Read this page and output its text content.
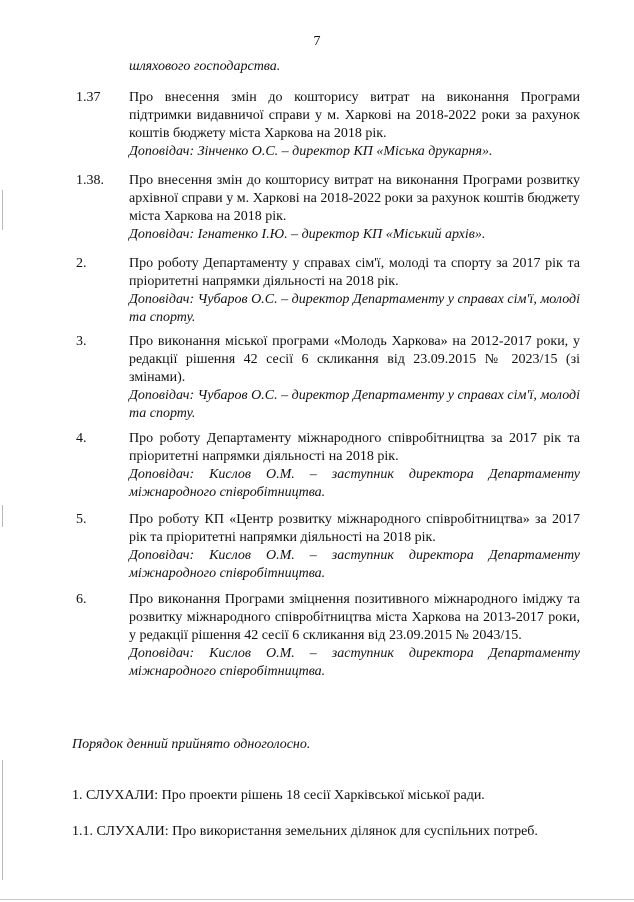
7
шляхового господарства.
1.37 Про внесення змін до кошторису витрат на виконання Програми підтримки видавничої справи у м. Харкові на 2018-2022 роки за рахунок коштів бюджету міста Харкова на 2018 рік.
Доповідач: Зінченко О.С. – директор КП «Міська друкарня».
1.38. Про внесення змін до кошторису витрат на виконання Програми розвитку архівної справи у м. Харкові на 2018-2022 роки за рахунок коштів бюджету міста Харкова на 2018 рік.
Доповідач: Ігнатенко І.Ю. – директор КП «Міський архів».
2.	Про роботу Департаменту у справах сім'ї, молоді та спорту за 2017 рік та пріоритетні напрямки діяльності на 2018 рік.
Доповідач: Чубаров О.С. – директор Департаменту у справах сім'ї, молоді та спорту.
3.	Про виконання міської програми «Молодь Харкова» на 2012-2017 роки, у редакції рішення 42 сесії 6 скликання від 23.09.2015 № 2023/15 (зі змінами).
Доповідач: Чубаров О.С. – директор Департаменту у справах сім'ї, молоді та спорту.
4.	Про роботу Департаменту міжнародного співробітництва за 2017 рік та пріоритетні напрямки діяльності на 2018 рік.
Доповідач: Кислов О.М. – заступник директора Департаменту міжнародного співробітництва.
5.	Про роботу КП «Центр розвитку міжнародного співробітництва» за 2017 рік та пріоритетні напрямки діяльності на 2018 рік.
Доповідач: Кислов О.М. – заступник директора Департаменту міжнародного співробітництва.
6.	Про виконання Програми зміцнення позитивного міжнародного іміджу та розвитку міжнародного співробітництва міста Харкова на 2013-2017 роки, у редакції рішення 42 сесії 6 скликання від 23.09.2015 № 2043/15.
Доповідач: Кислов О.М. – заступник директора Департаменту міжнародного співробітництва.
Порядок денний прийнято одноголосно.
1. СЛУХАЛИ: Про проекти рішень 18 сесії Харківської міської ради.
1.1. СЛУХАЛИ: Про використання земельних ділянок для суспільних потреб.
